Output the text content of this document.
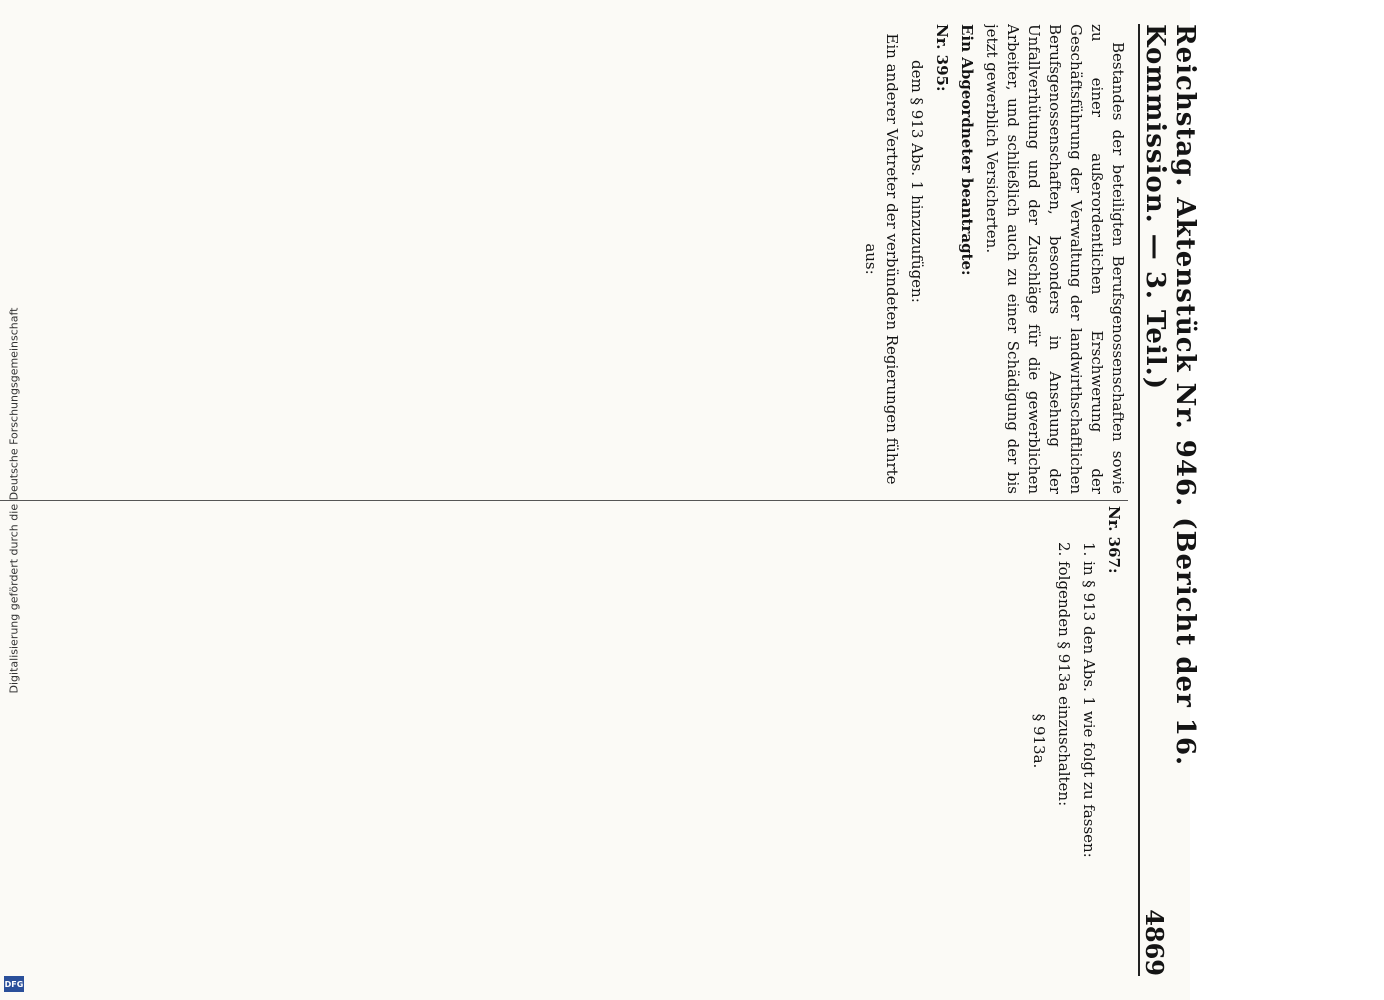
Reichstag. Aktenstück Nr. 946. (Bericht der 16. Kommission. — 3. Teil.)
4869

Bestandes der beteiligten Berufsgenossenschaften sowie zu einer außerordentlichen Erschwerung der Geschäftsführung der Verwaltung der landwirthschaftlichen Berufsgenossenschaften, besonders in Ansehung der Unfallverhütung und der Zuschläge für die gewerblichen Arbeiter, und schließlich auch zu einer Schädigung der bis jetzt gewerblich Versicherten.

Ein Abgeordneter beantragte:

Nr. 395:

dem § 913 Abs. 1 hinzuzufügen:

Ein anderer Vertreter der verbündeten Regierungen führte aus:

Nr. 367:

1. in § 913 den Abs. 1 wie folgt zu fassen:

2. folgenden § 913a einzuschalten:

§ 913a.

Digitalisierung gefördert durch die Deutsche Forschungsgemeinschaft
DFG
